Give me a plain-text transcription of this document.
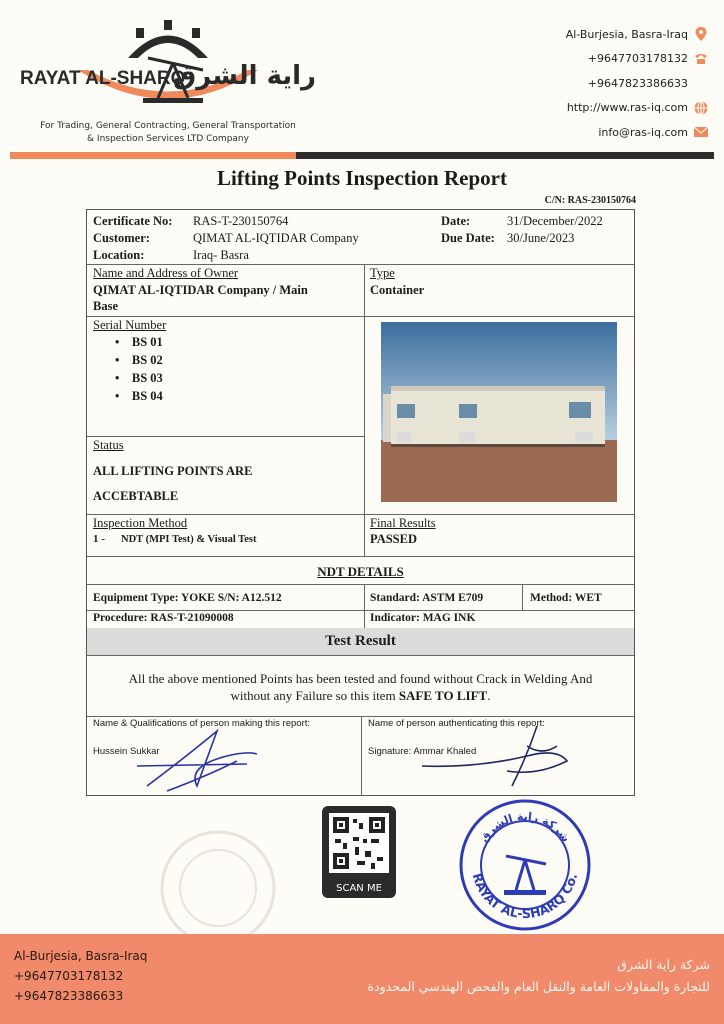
RAYAT AL-SHARQ
راية الشرق
For Trading, General Contracting, General Transportation
& Inspection Services LTD Company
Al-Burjesia, Basra-Iraq
+9647703178132
+9647823386633
http://www.ras-iq.com
info@ras-iq.com
Lifting Points Inspection Report
C/N: RAS-230150764
Certificate No: RAS-T-230150764
Customer:	QIMAT AL-IQTIDAR Company
Location:	Iraq- Basra
Date:	31/December/2022
Due Date: 30/June/2023
Name and Address of Owner
QIMAT AL-IQTIDAR Company / Main
Base
Type
Container
Serial Number
•    BS 01
•    BS 02
•    BS 03
•    BS 04
Status
ALL LIFTING POINTS ARE
ACCEBTABLE
Inspection Method
1 - NDT (MPI Test) & Visual Test
Final Results
PASSED
NDT DETAILS
Equipment Type: YOKE S/N: A12.512	Standard: ASTM E709	Method: WET
Procedure: RAS-T-21090008	Indicator: MAG INK
Test Result
All the above mentioned Points has been tested and found without Crack in Welding And
without any Failure so this item SAFE TO LIFT.
Name & Qualifications of person making this report:
Hussein Sukkar
Name of person authenticating this report:
Signature: Ammar Khaled
SCAN ME
RAYAT AL-SHARQ Co.
شركة راية الشرق
Al-Burjesia, Basra-Iraq
+9647703178132
+9647823386633
شركة راية الشرق
للتجارة والمقاولات العامة والنقل العام والفحص الهندسي المحدودة
